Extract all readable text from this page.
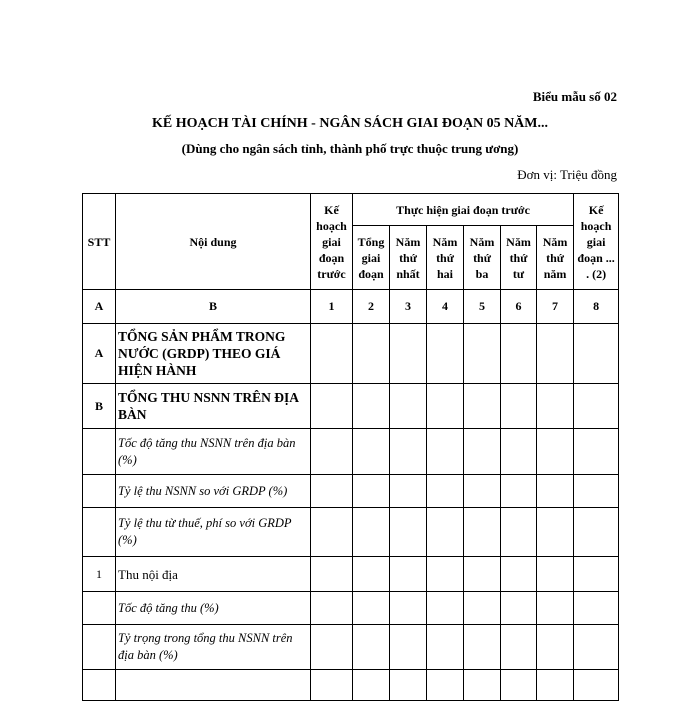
Biểu mẫu số 02
KẾ HOẠCH TÀI CHÍNH - NGÂN SÁCH GIAI ĐOẠN 05 NĂM...
(Dùng cho ngân sách tỉnh, thành phố trực thuộc trung ương)
Đơn vị: Triệu đồng
STT	Nội dung	Kế hoạch giai đoạn trước	Thực hiện giai đoạn trước						Kế hoạch giai đoạn ... . (2)
			Tổng giai đoạn	Năm thứ nhất	Năm thứ hai	Năm thứ ba	Năm thứ tư	Năm thứ năm	
A	B	1	2	3	4	5	6	7	8
A	TỔNG SẢN PHẨM TRONG NƯỚC (GRDP) THEO GIÁ HIỆN HÀNH								
B	TỔNG THU NSNN TRÊN ĐỊA BÀN								
	Tốc độ tăng thu NSNN trên địa bàn (%)								
	Tỷ lệ thu NSNN so với GRDP (%)								
	Tỷ lệ thu từ thuế, phí so với GRDP (%)								
1	Thu nội địa								
	Tốc độ tăng thu (%)								
	Tỷ trọng trong tổng thu NSNN trên địa bàn (%)								
